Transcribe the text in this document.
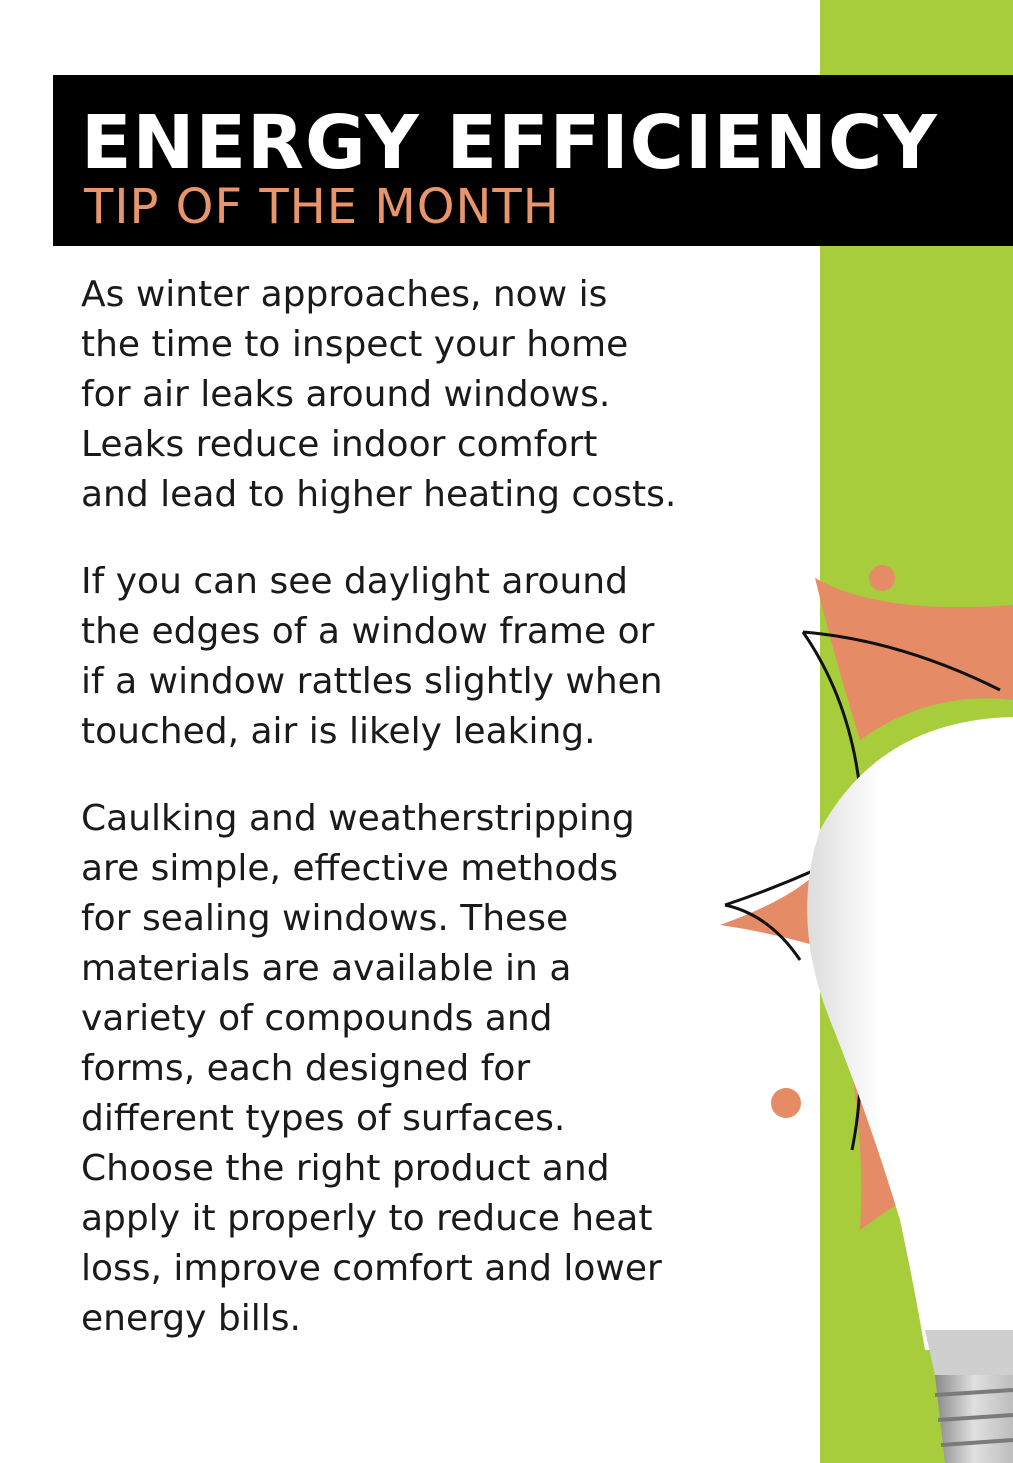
ENERGY EFFICIENCY
TIP OF THE MONTH

As winter approaches, now is
the time to inspect your home
for air leaks around windows.
Leaks reduce indoor comfort
and lead to higher heating costs.

If you can see daylight around
the edges of a window frame or
if a window rattles slightly when
touched, air is likely leaking.

Caulking and weatherstripping
are simple, effective methods
for sealing windows. These
materials are available in a
variety of compounds and
forms, each designed for
different types of surfaces.
Choose the right product and
apply it properly to reduce heat
loss, improve comfort and lower
energy bills.
